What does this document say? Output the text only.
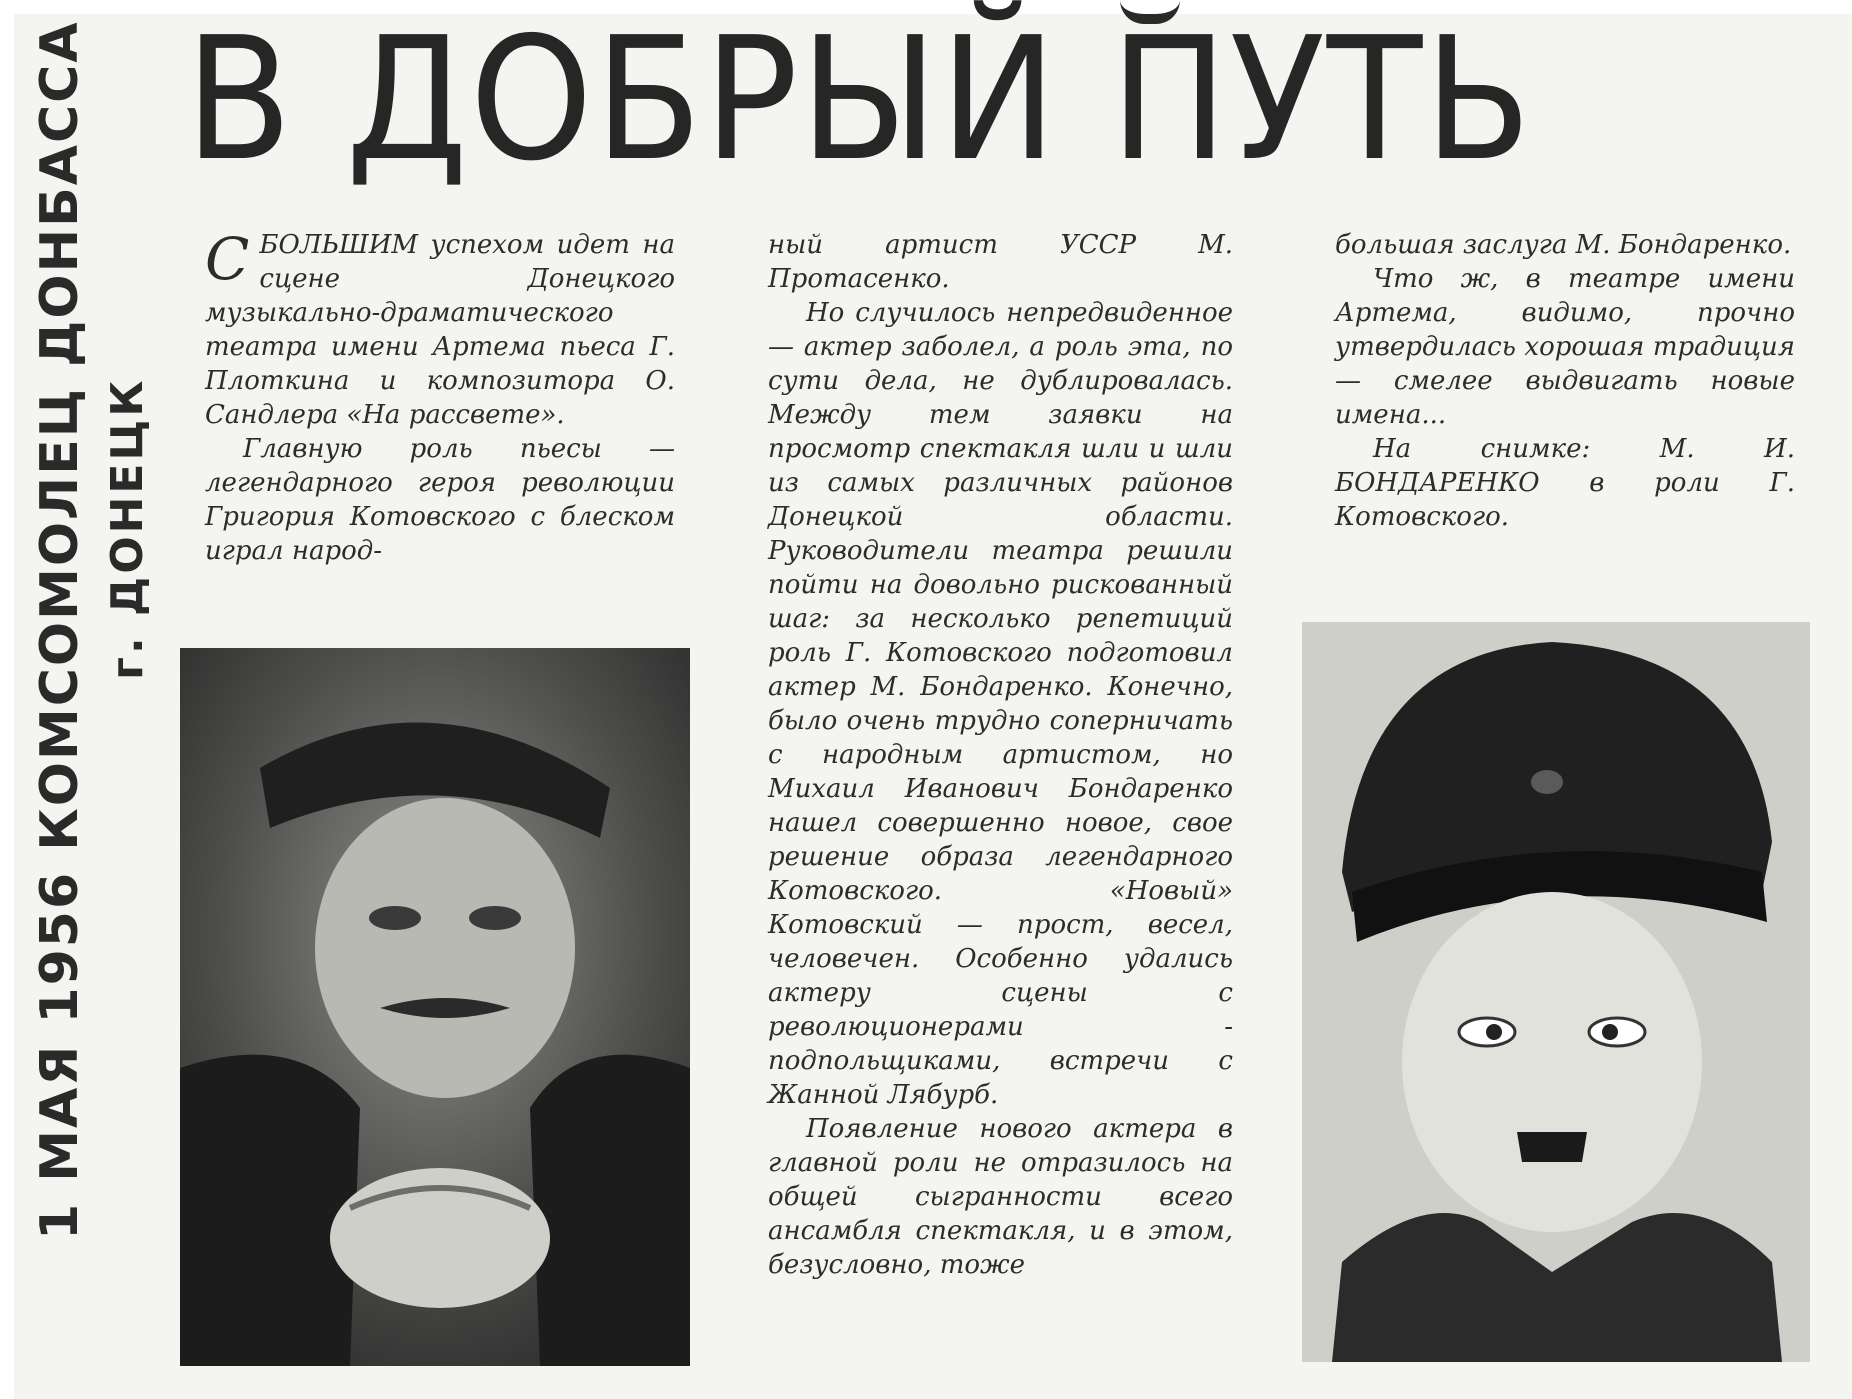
В ДОБРЫЙ ПУТЬ
1 МАЯ 1956 КОМСОМОЛЕЦ ДОНБАССА г. ДОНЕЦК

СБОЛЬШИМ успехом идет на сцене Донецкого музыкально-драматического театра имени Артема пьеса Г. Плоткина и композитора О. Сандлера «На рассвете».

Главную роль пьесы — легендарного героя революции Григория Котовского с блеском играл народ-

ный артист УССР М. Протасенко.

Но случилось непредвиденное — актер заболел, а роль эта, по сути дела, не дублировалась. Между тем заявки на просмотр спектакля шли и шли из самых различных районов Донецкой области. Руководители театра решили пойти на довольно рискованный шаг: за несколько репетиций роль Г. Котовского подготовил актер М. Бондаренко. Конечно, было очень трудно соперничать с народным артистом, но Михаил Иванович Бондаренко нашел совершенно новое, свое решение образа легендарного Котовского. «Новый» Котовский — прост, весел, человечен. Особенно удались актеру сцены с революционерами - подпольщиками, встречи с Жанной Лябурб.

Появление нового актера в главной роли не отразилось на общей сыгранности всего ансамбля спектакля, и в этом, безусловно, тоже

большая заслуга М. Бондаренко.

Что ж, в театре имени Артема, видимо, прочно утвердилась хорошая традиция — смелее выдвигать новые имена...

На снимке: М. И. БОНДАРЕНКО в роли Г. Котовского.
